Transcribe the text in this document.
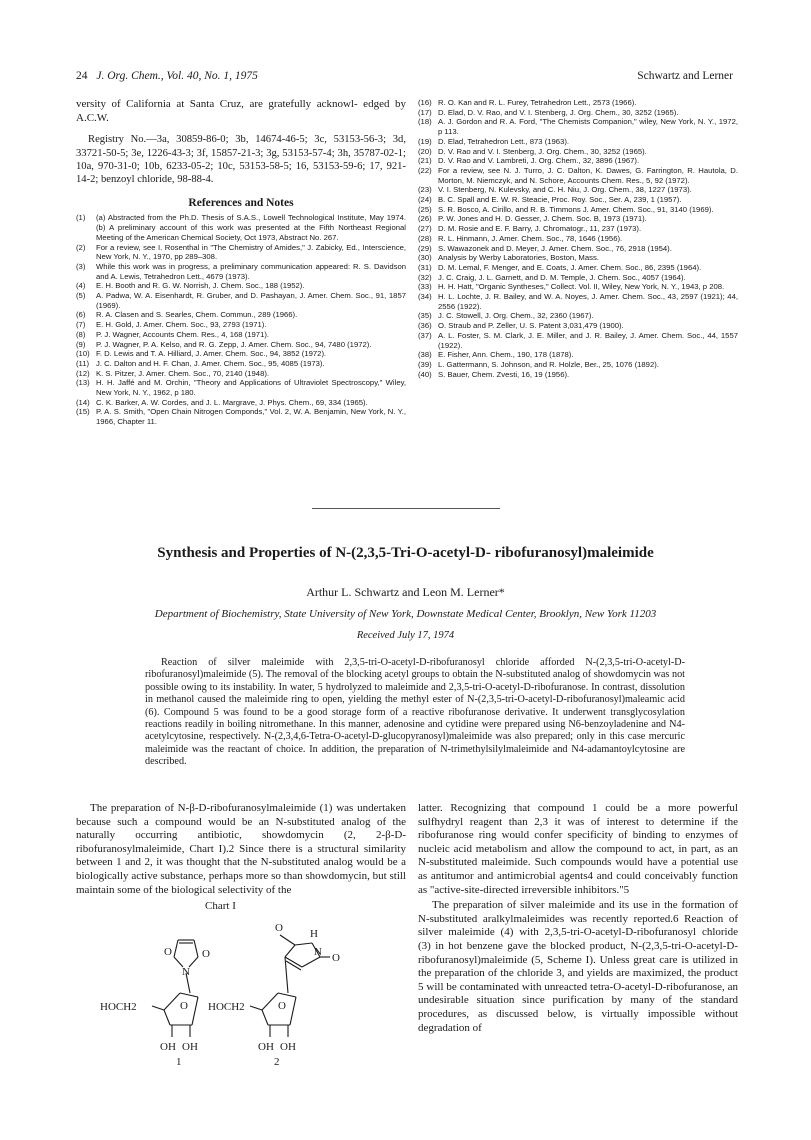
24 J. Org. Chem., Vol. 40, No. 1, 1975	Schwartz and Lerner

versity of California at Santa Cruz, are gratefully acknowl- edged by A.C.W.

Registry No.—3a, 30859-86-0; 3b, 14674-46-5; 3c, 53153-56-3; 3d, 33721-50-5; 3e, 1226-43-3; 3f, 15857-21-3; 3g, 53153-57-4; 3h, 35787-02-1; 10a, 970-31-0; 10b, 6233-05-2; 10c, 53153-58-5; 16, 53153-59-6; 17, 921-14-2; benzoyl chloride, 98-88-4.

References and Notes
(1) (a) Abstracted from the Ph.D. Thesis of S.A.S., Lowell Technological Institute, May 1974. (b) A preliminary account of this work was presented at the Fifth Northeast Regional Meeting of the American Chemical Society, Oct 1973, Abstract No. 267.
(2) For a review, see I. Rosenthal in "The Chemistry of Amides," J. Zabicky, Ed., Interscience, New York, N. Y., 1970, pp 289–308.
(3) While this work was in progress, a preliminary communication appeared: R. S. Davidson and A. Lewis, Tetrahedron Lett., 4679 (1973).
(4) E. H. Booth and R. G. W. Norrish, J. Chem. Soc., 188 (1952).
(5) A. Padwa, W. A. Eisenhardt, R. Gruber, and D. Pashayan, J. Amer. Chem. Soc., 91, 1857 (1969).
(6) R. A. Clasen and S. Searles, Chem. Commun., 289 (1966).
(7) E. H. Gold, J. Amer. Chem. Soc., 93, 2793 (1971).
(8) P. J. Wagner, Accounts Chem. Res., 4, 168 (1971).
(9) P. J. Wagner, P. A. Kelso, and R. G. Zepp, J. Amer. Chem. Soc., 94, 7480 (1972).
(10) F. D. Lewis and T. A. Hilliard, J. Amer. Chem. Soc., 94, 3852 (1972).
(11) J. C. Dalton and H. F. Chan, J. Amer. Chem. Soc., 95, 4085 (1973).
(12) K. S. Pitzer, J. Amer. Chem. Soc., 70, 2140 (1948).
(13) H. H. Jaffé and M. Orchin, "Theory and Applications of Ultraviolet Spectroscopy," Wiley, New York, N. Y., 1962, p 180.
(14) C. K. Barker, A. W. Cordes, and J. L. Margrave, J. Phys. Chem., 69, 334 (1965).
(15) P. A. S. Smith, "Open Chain Nitrogen Componds," Vol. 2, W. A. Benjamin, New York, N. Y., 1966, Chapter 11.
(16) R. O. Kan and R. L. Furey, Tetrahedron Lett., 2573 (1966).
(17) D. Elad, D. V. Rao, and V. I. Stenberg, J. Org. Chem., 30, 3252 (1965).
(18) A. J. Gordon and R. A. Ford, "The Chemists Companion," wiley, New York, N. Y., 1972, p 113.
(19) D. Elad, Tetrahedron Lett., 873 (1963).
(20) D. V. Rao and V. I. Stenberg, J. Org. Chem., 30, 3252 (1965).
(21) D. V. Rao and V. Lambreti, J. Org. Chem., 32, 3896 (1967).
(22) For a review, see N. J. Turro, J. C. Dalton, K. Dawes, G. Farrington, R. Hautola, D. Morton, M. Niemczyk, and N. Schore, Accounts Chem. Res., 5, 92 (1972).
(23) V. I. Stenberg, N. Kulevsky, and C. H. Niu, J. Org. Chem., 38, 1227 (1973).
(24) B. C. Spall and E. W. R. Steacie, Proc. Roy. Soc., Ser. A, 239, 1 (1957).
(25) S. R. Bosco, A. Cirillo, and R. B. Timmons J. Amer. Chem. Soc., 91, 3140 (1969).
(26) P. W. Jones and H. D. Gesser, J. Chem. Soc. B, 1973 (1971).
(27) D. M. Rosie and E. F. Barry, J. Chromatogr., 11, 237 (1973).
(28) R. L. Hinmann, J. Amer. Chem. Soc., 78, 1646 (1956).
(29) S. Wawazonek and D. Meyer, J. Amer. Chem. Soc., 76, 2918 (1954).
(30) Analysis by Werby Laboratories, Boston, Mass.
(31) D. M. Lemal, F. Menger, and E. Coats, J. Amer. Chem. Soc., 86, 2395 (1964).
(32) J. C. Craig, J. L. Garnett, and D. M. Temple, J. Chem. Soc., 4057 (1964).
(33) H. H. Hatt, "Organic Syntheses," Collect. Vol. II, Wiley, New York, N. Y., 1943, p 208.
(34) H. L. Lochte, J. R. Bailey, and W. A. Noyes, J. Amer. Chem. Soc., 43, 2597 (1921); 44, 2556 (1922).
(35) J. C. Stowell, J. Org. Chem., 32, 2360 (1967).
(36) O. Straub and P. Zeller, U. S. Patent 3,031,479 (1900).
(37) A. L. Foster, S. M. Clark, J. E. Miller, and J. R. Bailey, J. Amer. Chem. Soc., 44, 1557 (1922).
(38) E. Fisher, Ann. Chem., 190, 178 (1878).
(39) L. Gattermann, S. Johnson, and R. Holzle, Ber., 25, 1076 (1892).
(40) S. Bauer, Chem. Zvesti, 16, 19 (1956).
Synthesis and Properties of N-(2,3,5-Tri-O-acetyl-D- ribofuranosyl)maleimide
Arthur L. Schwartz and Leon M. Lerner*
Department of Biochemistry, State University of New York, Downstate Medical Center, Brooklyn, New York 11203
Received July 17, 1974

Reaction of silver maleimide with 2,3,5-tri-O-acetyl-D-ribofuranosyl chloride afforded N-(2,3,5-tri-O-acetyl-D-ribofuranosyl)maleimide (5). The removal of the blocking acetyl groups to obtain the N-substituted analog of showdomycin was not possible owing to its instability. In water, 5 hydrolyzed to maleimide and 2,3,5-tri-O-acetyl-D-ribofuranose. In contrast, dissolution in methanol caused the maleimide ring to open, yielding the methyl ester of N-(2,3,5-tri-O-acetyl-D-ribofuranosyl)maleamic acid (6). Compound 5 was found to be a good storage form of a reactive ribofuranose derivative. It underwent transglycosylation reactions readily in boiling nitromethane. In this manner, adenosine and cytidine were prepared using N6-benzoyladenine and N4-acetylcytosine, respectively. N-(2,3,4,6-Tetra-O-acetyl-D-glucopyranosyl)maleimide was also prepared; only in this case mercuric maleimide was the reactant of choice. In addition, the preparation of N-trimethylsilylmaleimide and N4-adamantoylcytosine are described.

The preparation of N-β-D-ribofuranosylmaleimide (1) was undertaken because such a compound would be an N-substituted analog of the naturally occurring antibiotic, showdomycin (2, 2-β-D-ribofuranosylmaleimide, Chart I).2 Since there is a structural similarity between 1 and 2, it was thought that the N-substituted analog would be a biologically active substance, perhaps more so than showdomycin, but still maintain some of the biological selectivity of the

latter. Recognizing that compound 1 could be a more powerful sulfhydryl reagent than 2,3 it was of interest to determine if the ribofuranose ring would confer specificity of binding to enzymes of nucleic acid metabolism and allow the compound to act, in part, as an N-substituted maleimide. Such compounds would have a potential use as antitumor and antimicrobial agents4 and could conceivably function as "active-site-directed irreversible inhibitors."5

The preparation of silver maleimide and its use in the formation of N-substituted aralkylmaleimides was recently reported.6 Reaction of silver maleimide (4) with 2,3,5-tri-O-acetyl-D-ribofuranosyl chloride (3) in hot benzene gave the blocked product, N-(2,3,5-tri-O-acetyl-D-ribofuranosyl)maleimide (5, Scheme I). Unless great care is utilized in the preparation of the chloride 3, and yields are maximized, the product 5 will be contaminated with unreacted tetra-O-acetyl-D-ribofuranose, an undesirable situation since purification by many of the standard procedures, as discussed below, is virtually impossible without degradation of

Chart I
O
N
O
HOCH2	O
OH OH
1
O H
N O
HOCH2	O
OH OH
2
